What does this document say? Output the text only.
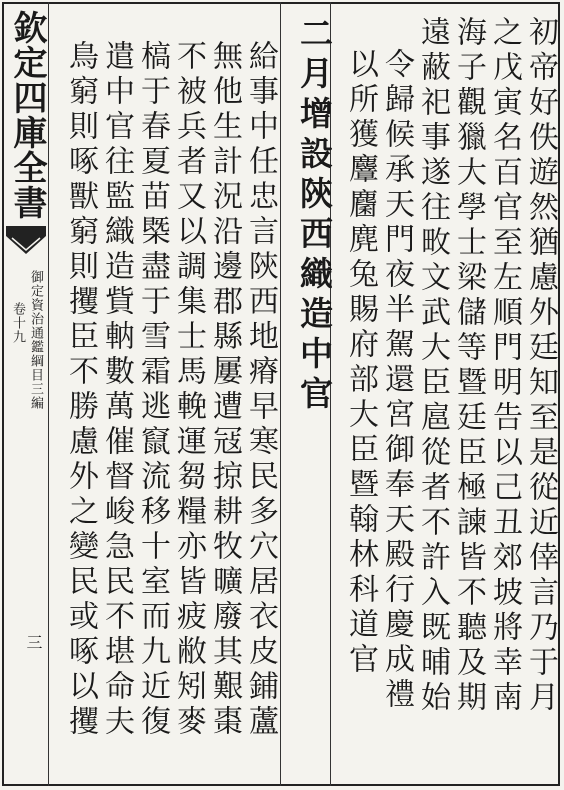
欽定四庫全書
御定資治通鑑綱目三編
卷十九
三	初帝好佚遊然猶慮外廷知至是從近倖言乃于月
之戊寅名百官至左順門明告以己丑郊坡將幸南
海子觀獵大學士梁儲等暨廷臣極諫皆不聽及期
遠蔽祀事遂往畋文武大臣扈從者不許入既晡始
令歸候承天門夜半駕還宮御奉天殿行慶成禮
以所獲麞麕麂兔賜府部大臣暨翰林科道官
二月增設陝西織造中官
給事中任忠言陝西地瘠早寒民多穴居衣皮鋪蘆
無他生計況沿邊郡縣屢遭冦掠耕牧曠廢其艱棗
不被兵者又以調集士馬輓運芻糧亦皆疲敝矧麥
槁于春夏苗㮣盡于雪霜逃竄流移十室而九近復
遣中官往監織造貲軜數萬催督峻急民不堪命夫
鳥窮則啄獸窮則攫臣不勝慮外之變民或啄以攫
